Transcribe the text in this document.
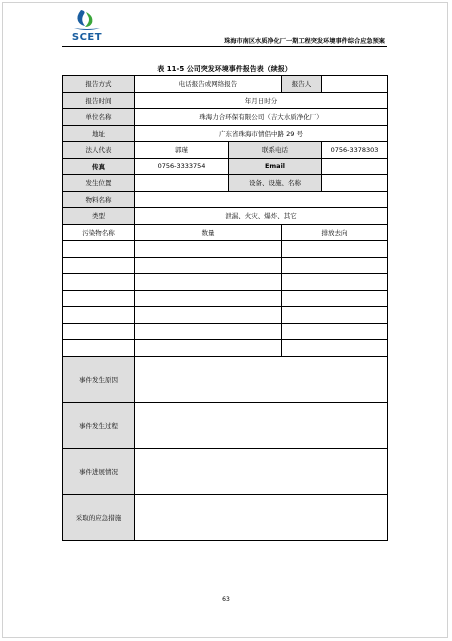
SCET	珠海市南区水质净化厂一期工程突发环境事件综合应急预案
表 11-5 公司突发环境事件报告表（续报）
报告方式	电话报告或网络报告		报告人	
报告时间	年月日时分			
单位名称	珠海力合环保有限公司（吉大水质净化厂）			
地址	广东省珠海市情侣中路 29 号			
法人代表	郭瑾	联系电话		0756-3378303
传真	0756-3333754	Email		
发生位置		设备、设施、名称		
物料名称				
类型	泄漏、火灾、爆炸、其它			
污染物名称	数量		排放去向	

事件发生原因				
事件发生过程				
事件进展情况				
采取的应急措施				
63
